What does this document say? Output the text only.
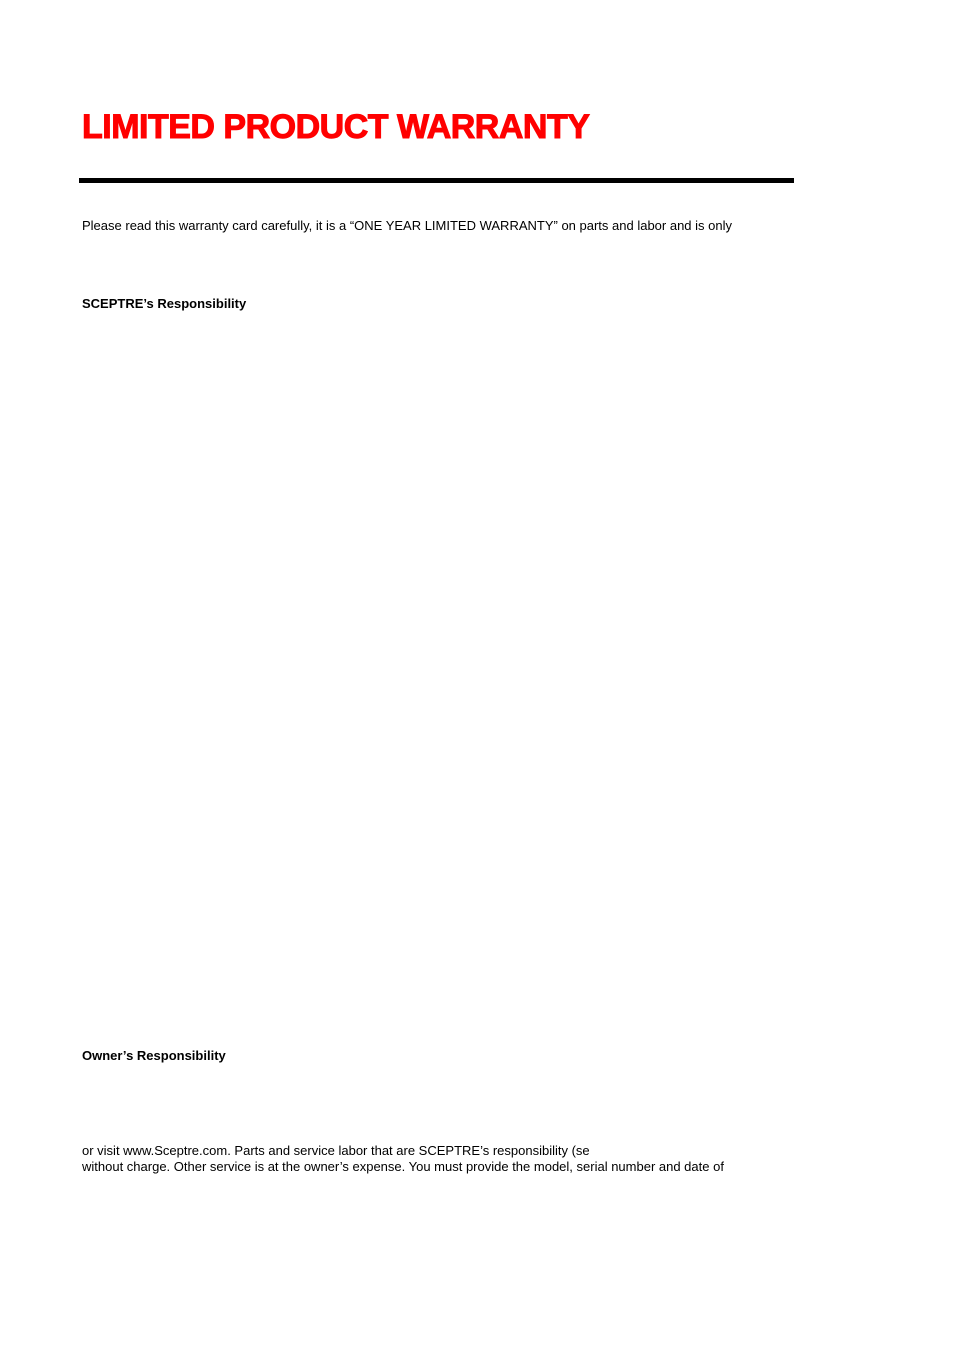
LIMITED PRODUCT WARRANTY

Please read this warranty card carefully, it is a “ONE YEAR LIMITED WARRANTY” on parts and labor and is only

SCEPTRE’s Responsibility

Owner’s Responsibility

or visit www.Sceptre.com. Parts and service labor that are SCEPTRE’s responsibility (se

without charge. Other service is at the owner’s expense. You must provide the model, serial number and date of
